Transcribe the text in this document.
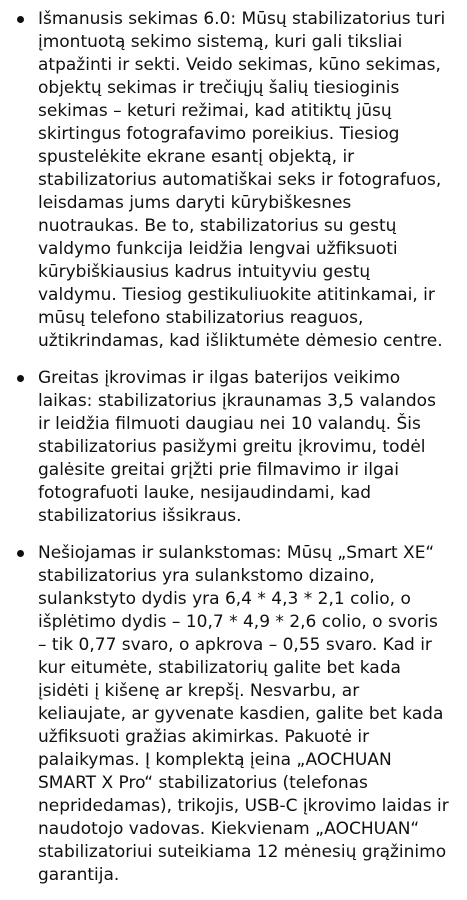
Išmanusis sekimas 6.0: Mūsų stabilizatorius turi įmontuotą sekimo sistemą, kuri gali tiksliai atpažinti ir sekti. Veido sekimas, kūno sekimas, objektų sekimas ir trečiųjų šalių tiesioginis sekimas – keturi režimai, kad atitiktų jūsų skirtingus fotografavimo poreikius. Tiesiog spustelėkite ekrane esantį objektą, ir stabilizatorius automatiškai seks ir fotografuos, leisdamas jums daryti kūrybiškesnes nuotraukas. Be to, stabilizatorius su gestų valdymo funkcija leidžia lengvai užfiksuoti kūrybiškiausius kadrus intuityviu gestų valdymu. Tiesiog gestikuliuokite atitinkamai, ir mūsų telefono stabilizatorius reaguos, užtikrindamas, kad išliktumėte dėmesio centre.
Greitas įkrovimas ir ilgas baterijos veikimo laikas: stabilizatorius įkraunamas 3,5 valandos ir leidžia filmuoti daugiau nei 10 valandų. Šis stabilizatorius pasižymi greitu įkrovimu, todėl galėsite greitai grįžti prie filmavimo ir ilgai fotografuoti lauke, nesijaudindami, kad stabilizatorius išsikraus.
Nešiojamas ir sulankstomas: Mūsų „Smart XE“ stabilizatorius yra sulankstomo dizaino, sulankstyto dydis yra 6,4 * 4,3 * 2,1 colio, o išplėtimo dydis – 10,7 * 4,9 * 2,6 colio, o svoris – tik 0,77 svaro, o apkrova – 0,55 svaro. Kad ir kur eitumėte, stabilizatorių galite bet kada įsidėti į kišenę ar krepšį. Nesvarbu, ar keliaujate, ar gyvenate kasdien, galite bet kada užfiksuoti gražias akimirkas. Pakuotė ir palaikymas. Į komplektą įeina „AOCHUAN SMART X Pro“ stabilizatorius (telefonas nepridedamas), trikojis, USB-C įkrovimo laidas ir naudotojo vadovas. Kiekvienam „AOCHUAN“ stabilizatoriui suteikiama 12 mėnesių grąžinimo garantija.
